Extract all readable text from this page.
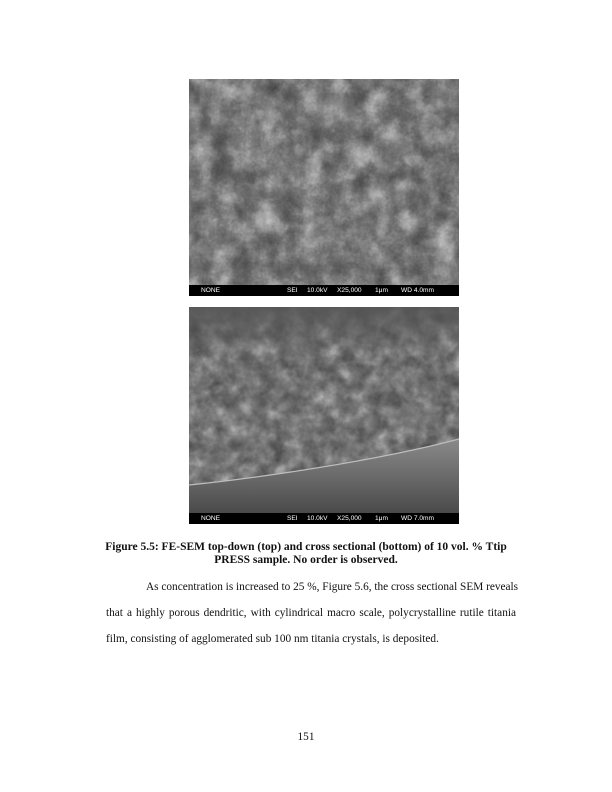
NONE	SEI 10.0kV X25,000 1μm WD 4.0mm
NONE	SEI 10.0kV X25,000 1μm WD 7.0mm
Figure 5.5: FE-SEM top-down (top) and cross sectional (bottom) of 10 vol. % Ttip
PRESS sample. No order is observed.
As concentration is increased to 25 %, Figure 5.6, the cross sectional SEM reveals
that a highly porous dendritic, with cylindrical macro scale, polycrystalline rutile titania
film, consisting of agglomerated sub 100 nm titania crystals, is deposited.
151
